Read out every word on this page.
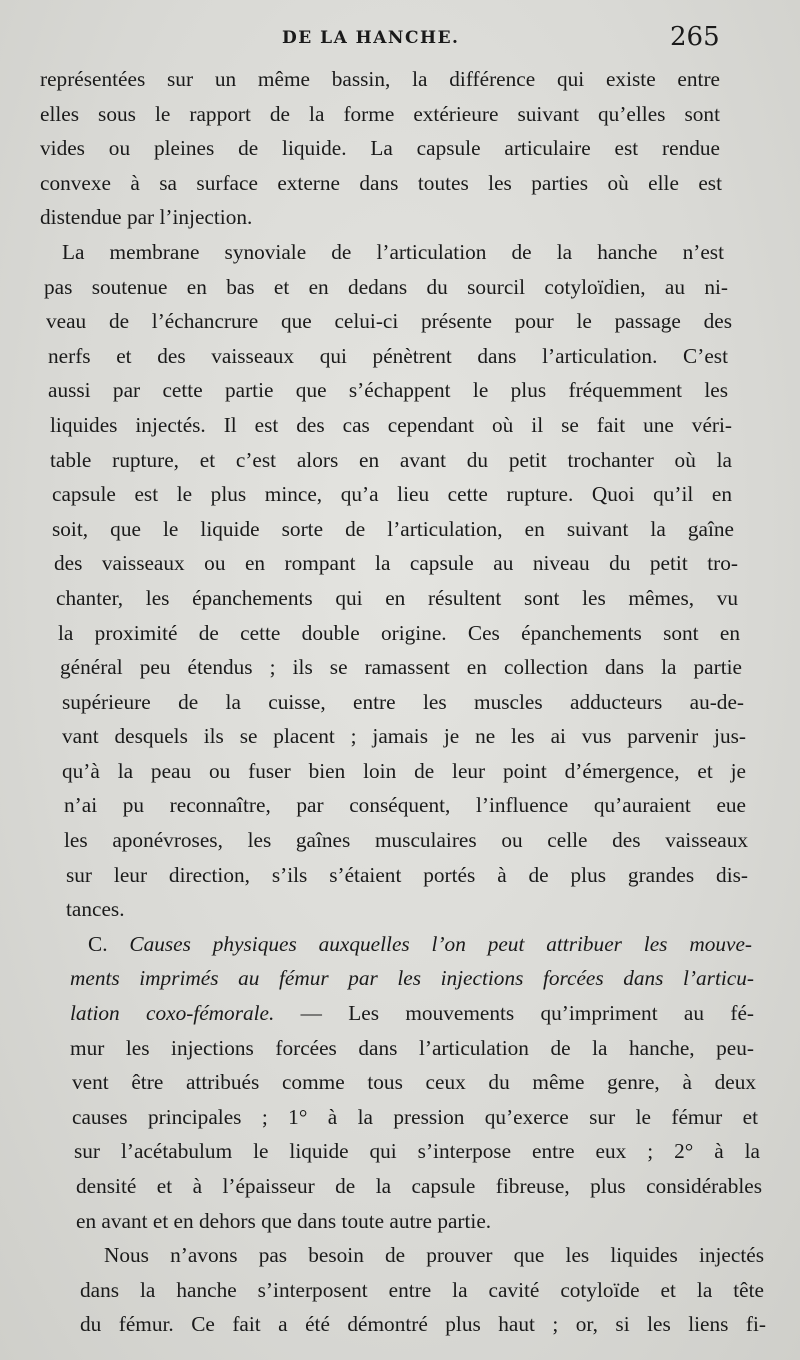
DE LA HANCHE.	265
représentées sur un même bassin, la différence qui existe entre
elles sous le rapport de la forme extérieure suivant qu’elles sont
vides ou pleines de liquide. La capsule articulaire est rendue
convexe à sa surface externe dans toutes les parties où elle est
distendue par l’injection.
La membrane synoviale de l’articulation de la hanche n’est
pas soutenue en bas et en dedans du sourcil cotyloïdien, au ni-
veau de l’échancrure que celui-ci présente pour le passage des
nerfs et des vaisseaux qui pénètrent dans l’articulation. C’est
aussi par cette partie que s’échappent le plus fréquemment les
liquides injectés. Il est des cas cependant où il se fait une véri-
table rupture, et c’est alors en avant du petit trochanter où la
capsule est le plus mince, qu’a lieu cette rupture. Quoi qu’il en
soit, que le liquide sorte de l’articulation, en suivant la gaîne
des vaisseaux ou en rompant la capsule au niveau du petit tro-
chanter, les épanchements qui en résultent sont les mêmes, vu
la proximité de cette double origine. Ces épanchements sont en
général peu étendus ; ils se ramassent en collection dans la partie
supérieure de la cuisse, entre les muscles adducteurs au-de-
vant desquels ils se placent ; jamais je ne les ai vus parvenir jus-
qu’à la peau ou fuser bien loin de leur point d’émergence, et je
n’ai pu reconnaître, par conséquent, l’influence qu’auraient eue
les aponévroses, les gaînes musculaires ou celle des vaisseaux
sur leur direction, s’ils s’étaient portés à de plus grandes dis-
tances.
C. Causes physiques auxquelles l’on peut attribuer les mouve-
ments imprimés au fémur par les injections forcées dans l’articu-
lation coxo-fémorale. — Les mouvements qu’impriment au fé-
mur les injections forcées dans l’articulation de la hanche, peu-
vent être attribués comme tous ceux du même genre, à deux
causes principales ; 1° à la pression qu’exerce sur le fémur et
sur l’acétabulum le liquide qui s’interpose entre eux ; 2° à la
densité et à l’épaisseur de la capsule fibreuse, plus considérables
en avant et en dehors que dans toute autre partie.
Nous n’avons pas besoin de prouver que les liquides injectés
dans la hanche s’interposent entre la cavité cotyloïde et la tête
du fémur. Ce fait a été démontré plus haut ; or, si les liens fi-
